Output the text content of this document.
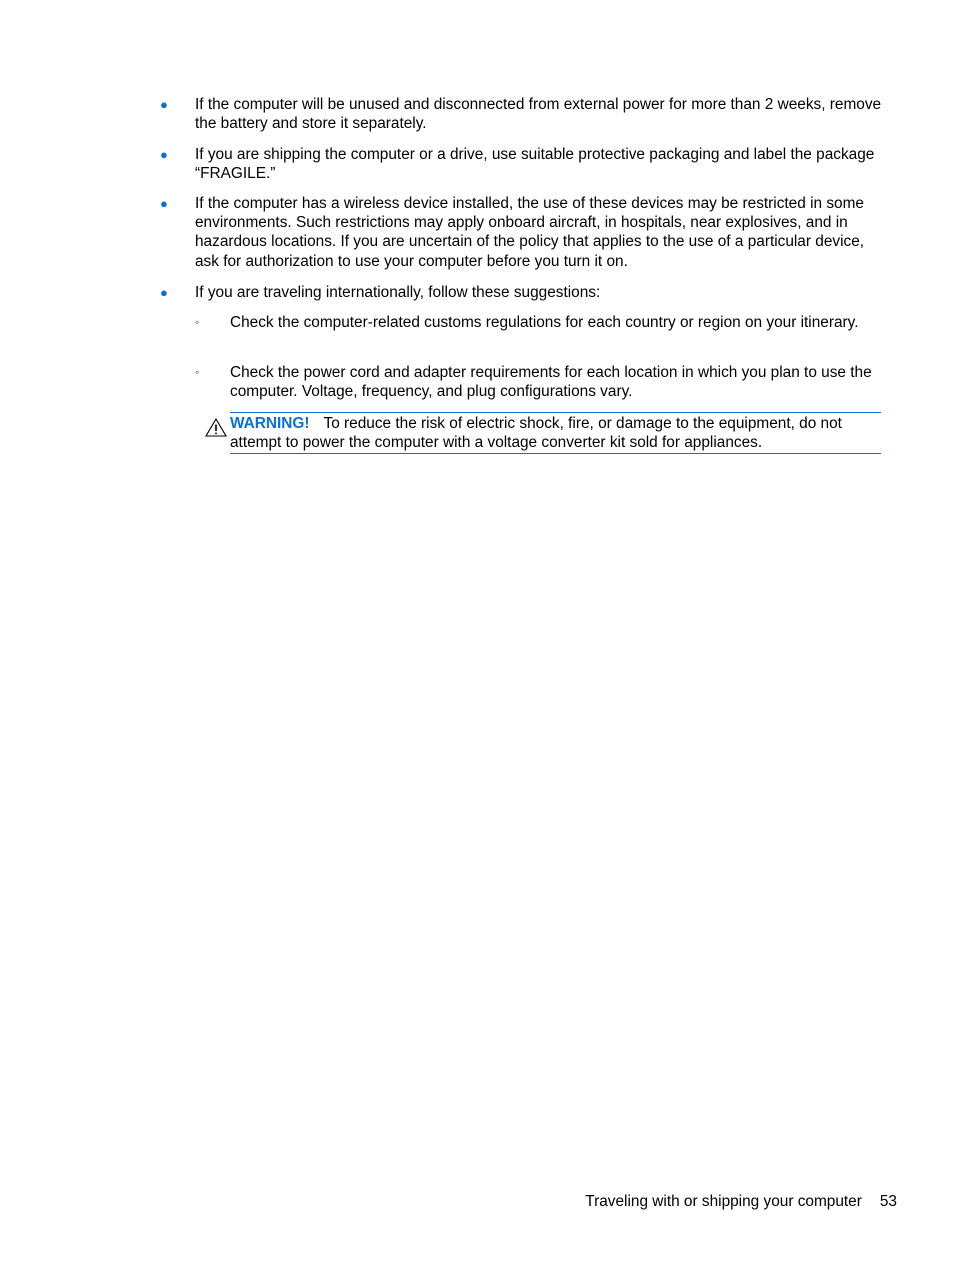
● If the computer will be unused and disconnected from external power for more than 2 weeks, remove the battery and store it separately.
● If you are shipping the computer or a drive, use suitable protective packaging and label the package “FRAGILE.”
● If the computer has a wireless device installed, the use of these devices may be restricted in some environments. Such restrictions may apply onboard aircraft, in hospitals, near explosives, and in hazardous locations. If you are uncertain of the policy that applies to the use of a particular device, ask for authorization to use your computer before you turn it on.
● If you are traveling internationally, follow these suggestions:
◦ Check the computer-related customs regulations for each country or region on your itinerary.
◦ Check the power cord and adapter requirements for each location in which you plan to use the computer. Voltage, frequency, and plug configurations vary.
WARNING! To reduce the risk of electric shock, fire, or damage to the equipment, do not attempt to power the computer with a voltage converter kit sold for appliances.
Traveling with or shipping your computer 53
